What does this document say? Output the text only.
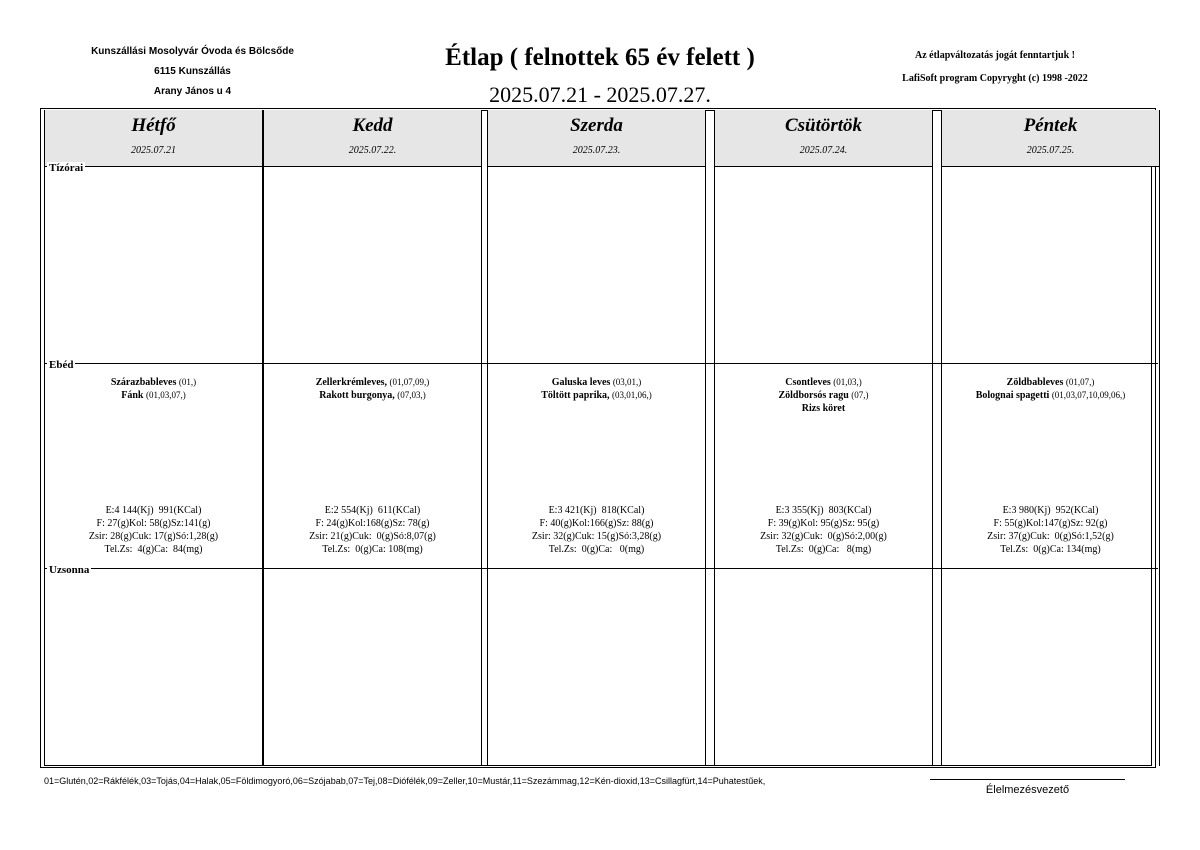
Kunszállási Mosolyvár Óvoda és Bölcsőde
6115 Kunszállás
Arany János u 4
Étlap ( felnottek 65 év felett )
2025.07.21 - 2025.07.27.
Az étlapváltozatás jogát fenntartjuk !
LafiSoft program Copyryght (c) 1998 -2022
Hétfő
2025.07.21
Szárazbableves (01,)
Fánk (01,03,07,)
E:4 144(Kj)  991(KCal)
F: 27(g)Kol: 58(g)Sz:141(g)
Zsir: 28(g)Cuk: 17(g)Só:1,28(g)
Tel.Zs:  4(g)Ca:  84(mg)
Kedd
2025.07.22.
Zellerkrémleves, (01,07,09,)
Rakott burgonya, (07,03,)
E:2 554(Kj)  611(KCal)
F: 24(g)Kol:168(g)Sz: 78(g)
Zsir: 21(g)Cuk:  0(g)Só:8,07(g)
Tel.Zs:  0(g)Ca: 108(mg)
Szerda
2025.07.23.
Galuska leves (03,01,)
Töltött paprika, (03,01,06,)
E:3 421(Kj)  818(KCal)
F: 40(g)Kol:166(g)Sz: 88(g)
Zsir: 32(g)Cuk: 15(g)Só:3,28(g)
Tel.Zs:  0(g)Ca:   0(mg)
Csütörtök
2025.07.24.
Csontleves (01,03,)
Zöldborsós ragu (07,)
Rizs köret
E:3 355(Kj)  803(KCal)
F: 39(g)Kol: 95(g)Sz: 95(g)
Zsir: 32(g)Cuk:  0(g)Só:2,00(g)
Tel.Zs:  0(g)Ca:   8(mg)
Péntek
2025.07.25.
Zöldbableves (01,07,)
Bolognai spagetti (01,03,07,10,09,06,)
E:3 980(Kj)  952(KCal)
F: 55(g)Kol:147(g)Sz: 92(g)
Zsir: 37(g)Cuk:  0(g)Só:1,52(g)
Tel.Zs:  0(g)Ca: 134(mg)
Tízórai
Ebéd
Uzsonna
01=Glutén,02=Rákfélék,03=Tojás,04=Halak,05=Földimogyoró,06=Szójabab,07=Tej,08=Diófélék,09=Zeller,10=Mustár,11=Szezámmag,12=Kén-dioxid,13=Csillagfürt,14=Puhatestűek,
Élelmezésvezető
